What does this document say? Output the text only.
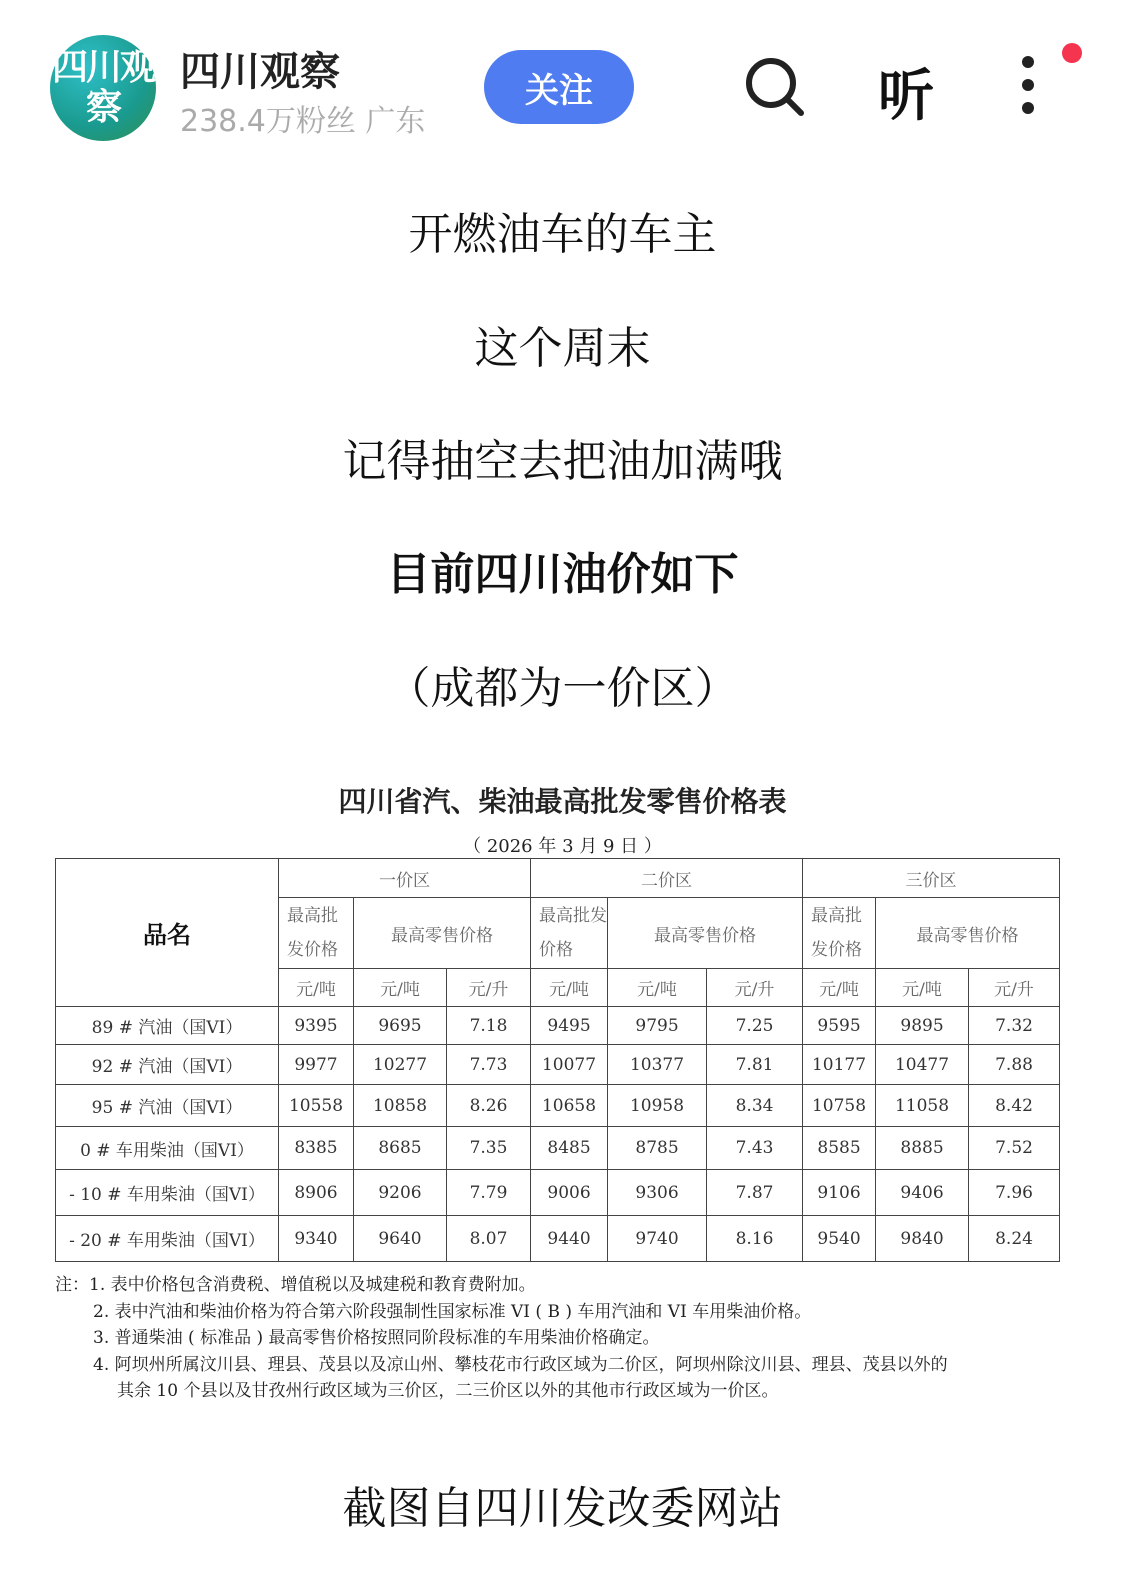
四川观察
四川观察
238.4万粉丝 广东
关注	听
开燃油车的车主
这个周末
记得抽空去把油加满哦
目前四川油价如下
（成都为一价区）
四川省汽、柴油最高批发零售价格表
（ 2026 年 3 月 9 日 ）
品名	一价区			二价区			三价区		
	最高批发价格	最高零售价格		最高批发价格	最高零售价格		最高批发价格	最高零售价格	
	元/吨	元/吨	元/升	元/吨	元/吨	元/升	元/吨	元/吨	元/升
89 # 汽油（国VI）	9395	9695	7.18	9495	9795	7.25	9595	9895	7.32
92 # 汽油（国VI）	9977	10277	7.73	10077	10377	7.81	10177	10477	7.88
95 # 汽油（国VI）	10558	10858	8.26	10658	10958	8.34	10758	11058	8.42
0 # 车用柴油（国VI）	8385	8685	7.35	8485	8785	7.43	8585	8885	7.52
- 10 # 车用柴油（国VI）	8906	9206	7.79	9006	9306	7.87	9106	9406	7.96
- 20 # 车用柴油（国VI）	9340	9640	8.07	9440	9740	8.16	9540	9840	8.24
注：1. 表中价格包含消费税、增值税以及城建税和教育费附加。
2. 表中汽油和柴油价格为符合第六阶段强制性国家标准 VI ( B ) 车用汽油和 VI 车用柴油价格。
3. 普通柴油 ( 标准品 ) 最高零售价格按照同阶段标准的车用柴油价格确定。
4. 阿坝州所属汶川县、理县、茂县以及凉山州、攀枝花市行政区域为二价区，阿坝州除汶川县、理县、茂县以外的
其余 10 个县以及甘孜州行政区域为三价区，二三价区以外的其他市行政区域为一价区。
截图自四川发改委网站
